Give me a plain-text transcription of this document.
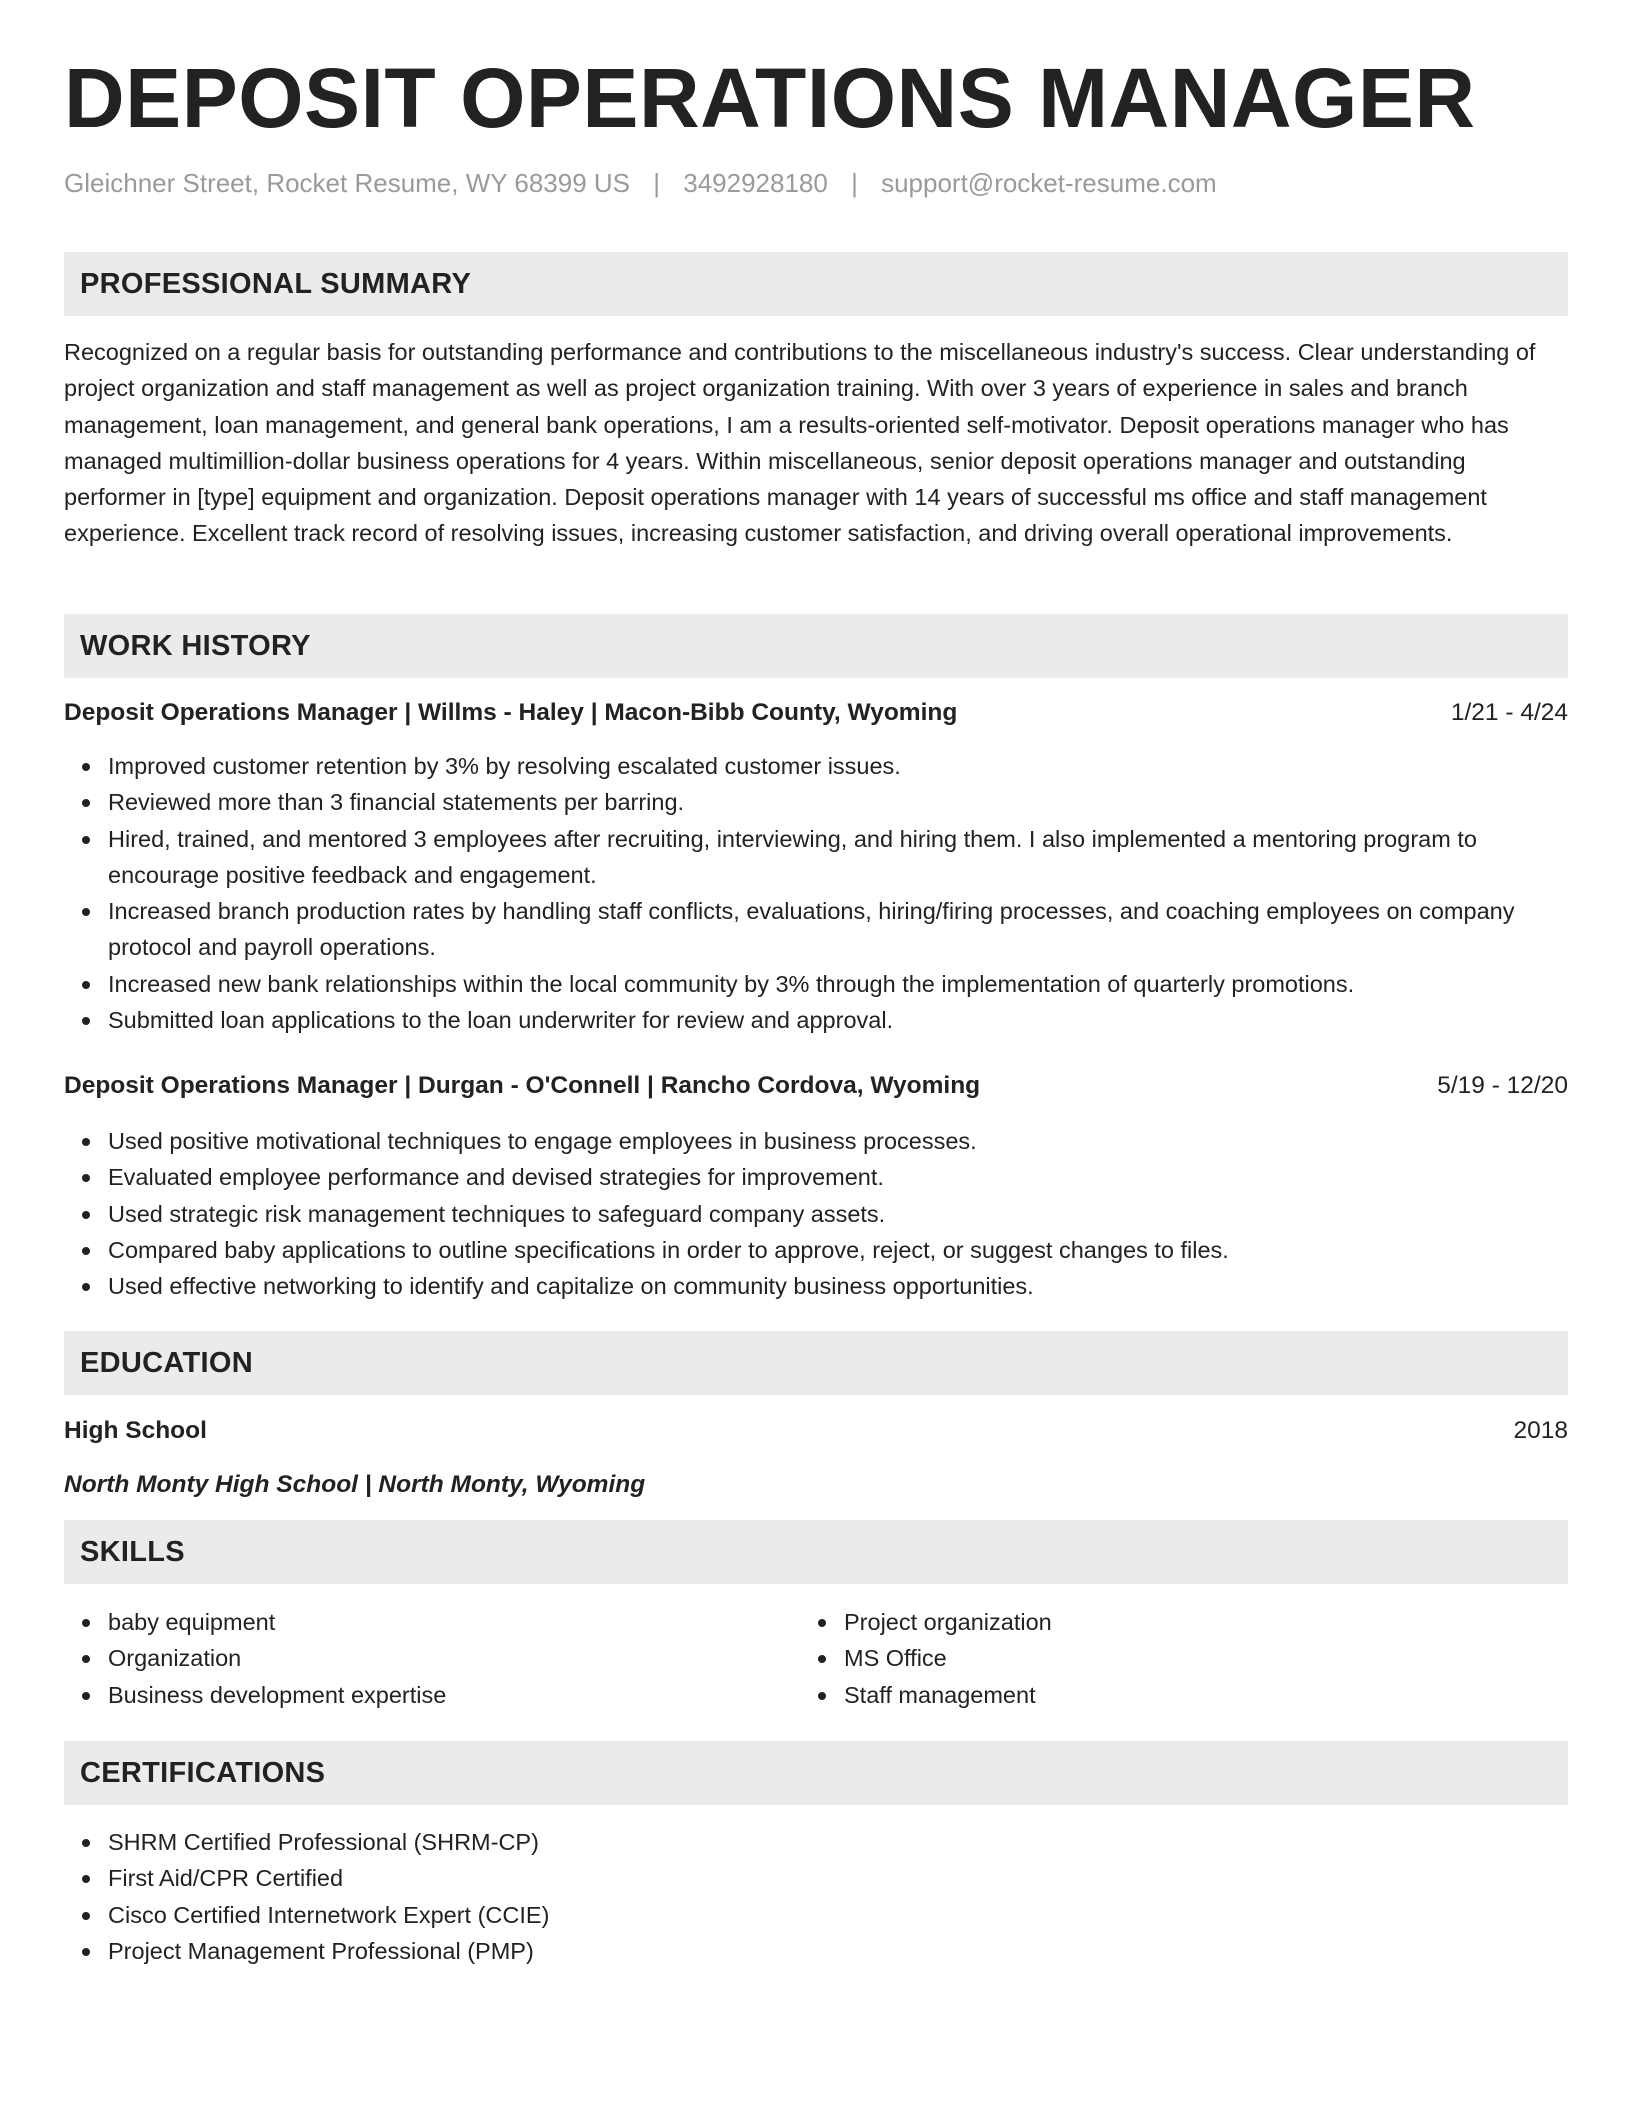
DEPOSIT OPERATIONS MANAGER
Gleichner Street, Rocket Resume, WY 68399 US | 3492928180 | support@rocket-resume.com
PROFESSIONAL SUMMARY

Recognized on a regular basis for outstanding performance and contributions to the miscellaneous industry's success. Clear understanding of project organization and staff management as well as project organization training. With over 3 years of experience in sales and branch management, loan management, and general bank operations, I am a results-oriented self-motivator. Deposit operations manager who has managed multimillion-dollar business operations for 4 years. Within miscellaneous, senior deposit operations manager and outstanding performer in [type] equipment and organization. Deposit operations manager with 14 years of successful ms office and staff management experience. Excellent track record of resolving issues, increasing customer satisfaction, and driving overall operational improvements.

WORK HISTORY
Deposit Operations Manager | Willms - Haley | Macon-Bibb County, Wyoming	1/21 - 4/24
Improved customer retention by 3% by resolving escalated customer issues.
Reviewed more than 3 financial statements per barring.
Hired, trained, and mentored 3 employees after recruiting, interviewing, and hiring them. I also implemented a mentoring program to encourage positive feedback and engagement.
Increased branch production rates by handling staff conflicts, evaluations, hiring/firing processes, and coaching employees on company protocol and payroll operations.
Increased new bank relationships within the local community by 3% through the implementation of quarterly promotions.
Submitted loan applications to the loan underwriter for review and approval.
Deposit Operations Manager | Durgan - O'Connell | Rancho Cordova, Wyoming	5/19 - 12/20
Used positive motivational techniques to engage employees in business processes.
Evaluated employee performance and devised strategies for improvement.
Used strategic risk management techniques to safeguard company assets.
Compared baby applications to outline specifications in order to approve, reject, or suggest changes to files.
Used effective networking to identify and capitalize on community business opportunities.
EDUCATION
High School	2018
North Monty High School | North Monty, Wyoming
SKILLS
baby equipment
Organization
Business development expertise
Project organization
MS Office
Staff management
CERTIFICATIONS
SHRM Certified Professional (SHRM-CP)
First Aid/CPR Certified
Cisco Certified Internetwork Expert (CCIE)
Project Management Professional (PMP)
